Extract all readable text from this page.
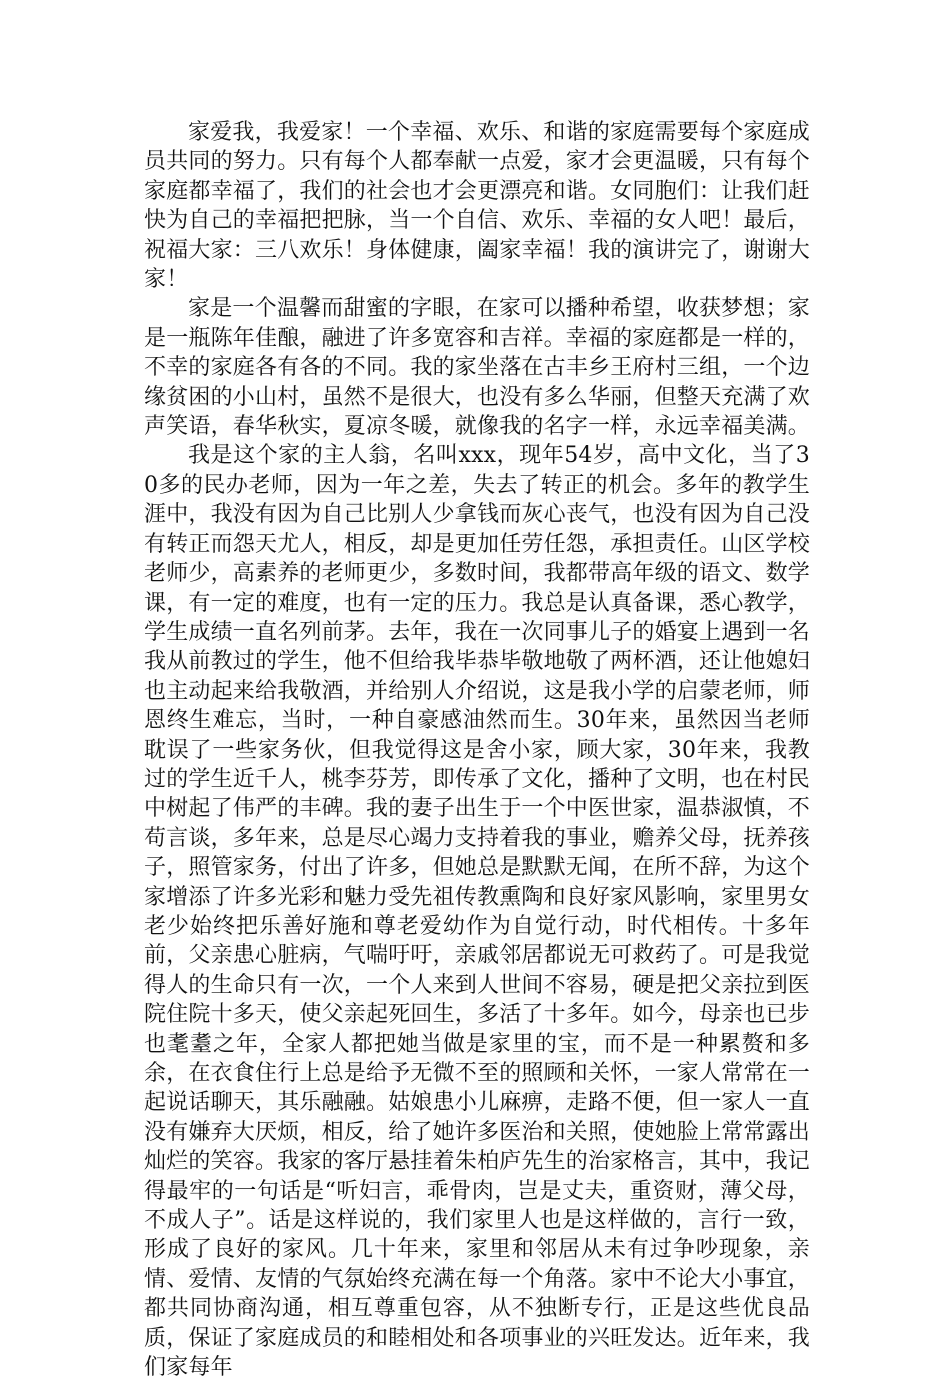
家爱我，我爱家！一个幸福、欢乐、和谐的家庭需要每个家庭成员共同的努力。只有每个人都奉献一点爱，家才会更温暖，只有每个家庭都幸福了，我们的社会也才会更漂亮和谐。女同胞们：让我们赶快为自己的幸福把把脉，当一个自信、欢乐、幸福的女人吧！最后，祝福大家：三八欢乐！身体健康，阖家幸福！我的演讲完了，谢谢大家！

家是一个温馨而甜蜜的字眼，在家可以播种希望，收获梦想；家是一瓶陈年佳酿，融进了许多宽容和吉祥。幸福的家庭都是一样的，不幸的家庭各有各的不同。我的家坐落在古丰乡王府村三组，一个边缘贫困的小山村，虽然不是很大，也没有多么华丽，但整天充满了欢声笑语，春华秋实，夏凉冬暖，就像我的名字一样，永远幸福美满。

我是这个家的主人翁，名叫xxx，现年54岁，高中文化，当了30多的民办老师，因为一年之差，失去了转正的机会。多年的教学生涯中，我没有因为自己比别人少拿钱而灰心丧气，也没有因为自己没有转正而怨天尤人，相反，却是更加任劳任怨，承担责任。山区学校老师少，高素养的老师更少，多数时间，我都带高年级的语文、数学课，有一定的难度，也有一定的压力。我总是认真备课，悉心教学，学生成绩一直名列前茅。去年，我在一次同事儿子的婚宴上遇到一名我从前教过的学生，他不但给我毕恭毕敬地敬了两杯酒，还让他媳妇也主动起来给我敬酒，并给别人介绍说，这是我小学的启蒙老师，师恩终生难忘，当时，一种自豪感油然而生。30年来，虽然因当老师耽误了一些家务伙，但我觉得这是舍小家，顾大家，30年来，我教过的学生近千人，桃李芬芳，即传承了文化，播种了文明，也在村民中树起了伟严的丰碑。我的妻子出生于一个中医世家，温恭淑慎，不苟言谈，多年来，总是尽心竭力支持着我的事业，赡养父母，抚养孩子，照管家务，付出了许多，但她总是默默无闻，在所不辞，为这个家增添了许多光彩和魅力受先祖传教熏陶和良好家风影响，家里男女老少始终把乐善好施和尊老爱幼作为自觉行动，时代相传。十多年前，父亲患心脏病，气喘吁吁，亲戚邻居都说无可救药了。可是我觉得人的生命只有一次，一个人来到人世间不容易，硬是把父亲拉到医院住院十多天，使父亲起死回生，多活了十多年。如今，母亲也已步也耄耋之年，全家人都把她当做是家里的宝，而不是一种累赘和多余，在衣食住行上总是给予无微不至的照顾和关怀，一家人常常在一起说话聊天，其乐融融。姑娘患小儿麻痹，走路不便，但一家人一直没有嫌弃大厌烦，相反，给了她许多医治和关照，使她脸上常常露出灿烂的笑容。我家的客厅悬挂着朱柏庐先生的治家格言，其中，我记得最牢的一句话是“听妇言，乖骨肉，岂是丈夫，重资财，薄父母，不成人子”。话是这样说的，我们家里人也是这样做的，言行一致，形成了良好的家风。几十年来，家里和邻居从未有过争吵现象，亲情、爱情、友情的气氛始终充满在每一个角落。家中不论大小事宜，都共同协商沟通，相互尊重包容，从不独断专行，正是这些优良品质，保证了家庭成员的和睦相处和各项事业的兴旺发达。近年来，我们家每年
